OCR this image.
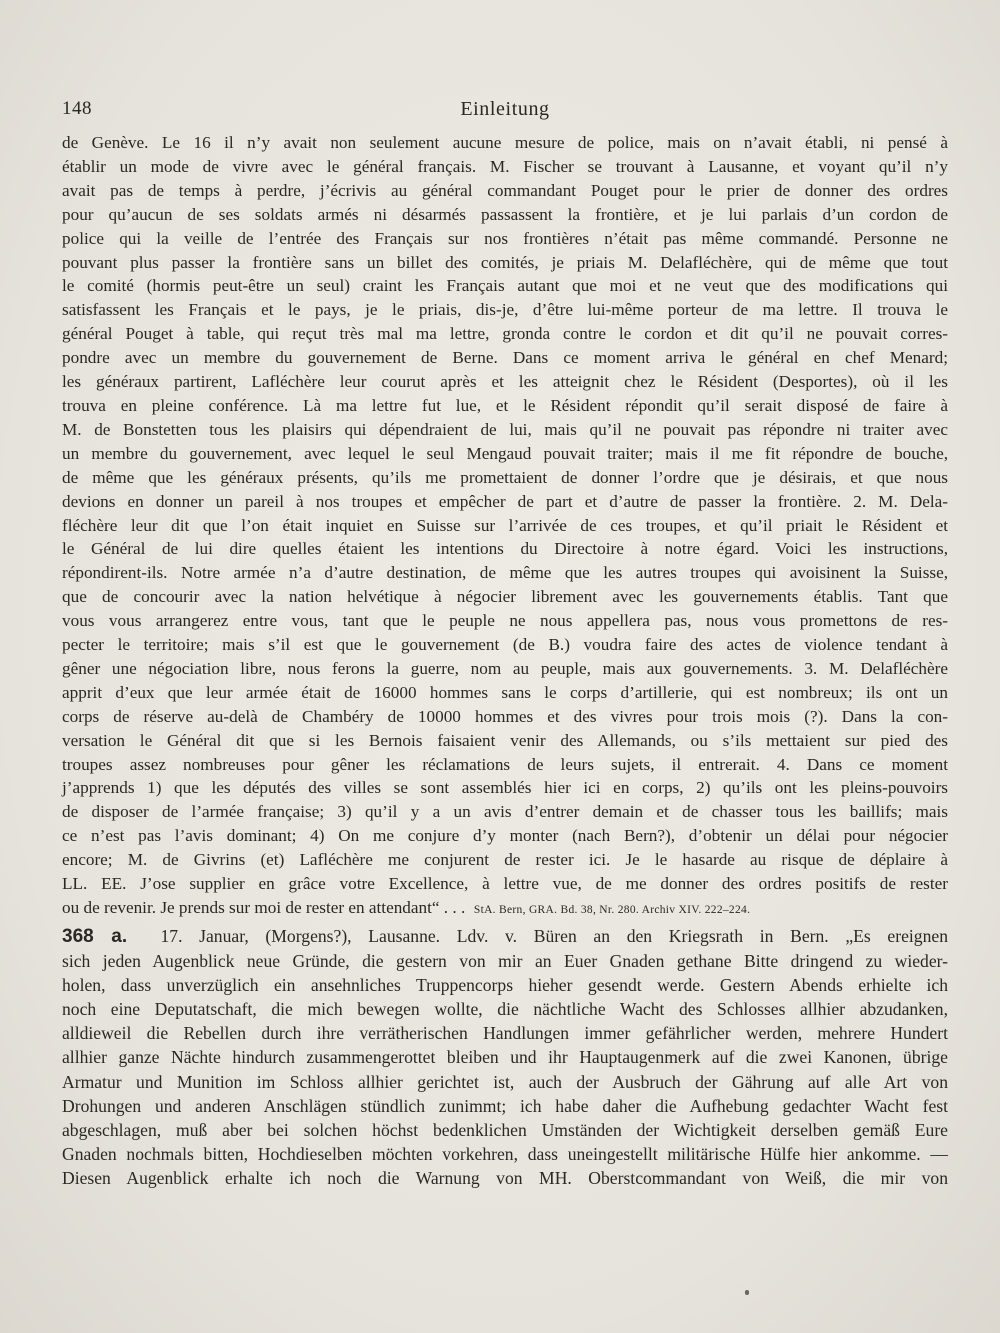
148	Einleitung
de Genève. Le 16 il n’y avait non seulement aucune mesure de police, mais on n’avait établi, ni pensé à
établir un mode de vivre avec le général français. M. Fischer se trouvant à Lausanne, et voyant qu’il n’y
avait pas de temps à perdre, j’écrivis au général commandant Pouget pour le prier de donner des ordres
pour qu’aucun de ses soldats armés ni désarmés passassent la frontière, et je lui parlais d’un cordon de
police qui la veille de l’entrée des Français sur nos frontières n’était pas même commandé. Personne ne
pouvant plus passer la frontière sans un billet des comités, je priais M. Delafléchère, qui de même que tout
le comité (hormis peut-être un seul) craint les Français autant que moi et ne veut que des modifications qui
satisfassent les Français et le pays, je le priais, dis-je, d’être lui-même porteur de ma lettre. Il trouva le
général Pouget à table, qui reçut très mal ma lettre, gronda contre le cordon et dit qu’il ne pouvait corres-
pondre avec un membre du gouvernement de Berne. Dans ce moment arriva le général en chef Menard;
les généraux partirent, Lafléchère leur courut après et les atteignit chez le Résident (Desportes), où il les
trouva en pleine conférence. Là ma lettre fut lue, et le Résident répondit qu’il serait disposé de faire à
M. de Bonstetten tous les plaisirs qui dépendraient de lui, mais qu’il ne pouvait pas répondre ni traiter avec
un membre du gouvernement, avec lequel le seul Mengaud pouvait traiter; mais il me fit répondre de bouche,
de même que les généraux présents, qu’ils me promettaient de donner l’ordre que je désirais, et que nous
devions en donner un pareil à nos troupes et empêcher de part et d’autre de passer la frontière. 2. M. Dela-
fléchère leur dit que l’on était inquiet en Suisse sur l’arrivée de ces troupes, et qu’il priait le Résident et
le Général de lui dire quelles étaient les intentions du Directoire à notre égard. Voici les instructions,
répondirent-ils. Notre armée n’a d’autre destination, de même que les autres troupes qui avoisinent la Suisse,
que de concourir avec la nation helvétique à négocier librement avec les gouvernements établis. Tant que
vous vous arrangerez entre vous, tant que le peuple ne nous appellera pas, nous vous promettons de res-
pecter le territoire; mais s’il est que le gouvernement (de B.) voudra faire des actes de violence tendant à
gêner une négociation libre, nous ferons la guerre, nom au peuple, mais aux gouvernements. 3. M. Delafléchère
apprit d’eux que leur armée était de 16000 hommes sans le corps d’artillerie, qui est nombreux; ils ont un
corps de réserve au-delà de Chambéry de 10000 hommes et des vivres pour trois mois (?). Dans la con-
versation le Général dit que si les Bernois faisaient venir des Allemands, ou s’ils mettaient sur pied des
troupes assez nombreuses pour gêner les réclamations de leurs sujets, il entrerait. 4. Dans ce moment
j’apprends 1) que les députés des villes se sont assemblés hier ici en corps, 2) qu’ils ont les pleins-pouvoirs
de disposer de l’armée française; 3) qu’il y a un avis d’entrer demain et de chasser tous les baillifs; mais
ce n’est pas l’avis dominant; 4) On me conjure d’y monter (nach Bern?), d’obtenir un délai pour négocier
encore; M. de Givrins (et) Lafléchère me conjurent de rester ici. Je le hasarde au risque de déplaire à
LL. EE. J’ose supplier en grâce votre Excellence, à lettre vue, de me donner des ordres positifs de rester
ou de revenir. Je prends sur moi de rester en attendant“ . . . StA. Bern, GRA. Bd. 38, Nr. 280. Archiv XIV. 222–224.
368 a. 17. Januar, (Morgens?), Lausanne. Ldv. v. Büren an den Kriegsrath in Bern. „Es ereignen
sich jeden Augenblick neue Gründe, die gestern von mir an Euer Gnaden gethane Bitte dringend zu wieder-
holen, dass unverzüglich ein ansehnliches Truppencorps hieher gesendt werde. Gestern Abends erhielte ich
noch eine Deputatschaft, die mich bewegen wollte, die nächtliche Wacht des Schlosses allhier abzudanken,
alldieweil die Rebellen durch ihre verrätherischen Handlungen immer gefährlicher werden, mehrere Hundert
allhier ganze Nächte hindurch zusammengerottet bleiben und ihr Hauptaugenmerk auf die zwei Kanonen, übrige
Armatur und Munition im Schloss allhier gerichtet ist, auch der Ausbruch der Gährung auf alle Art von
Drohungen und anderen Anschlägen stündlich zunimmt; ich habe daher die Aufhebung gedachter Wacht fest
abgeschlagen, muß aber bei solchen höchst bedenklichen Umständen der Wichtigkeit derselben gemäß Eure
Gnaden nochmals bitten, Hochdieselben möchten vorkehren, dass uneingestellt militärische Hülfe hier ankomme. —
Diesen Augenblick erhalte ich noch die Warnung von MH. Oberstcommandant von Weiß, die mir von
